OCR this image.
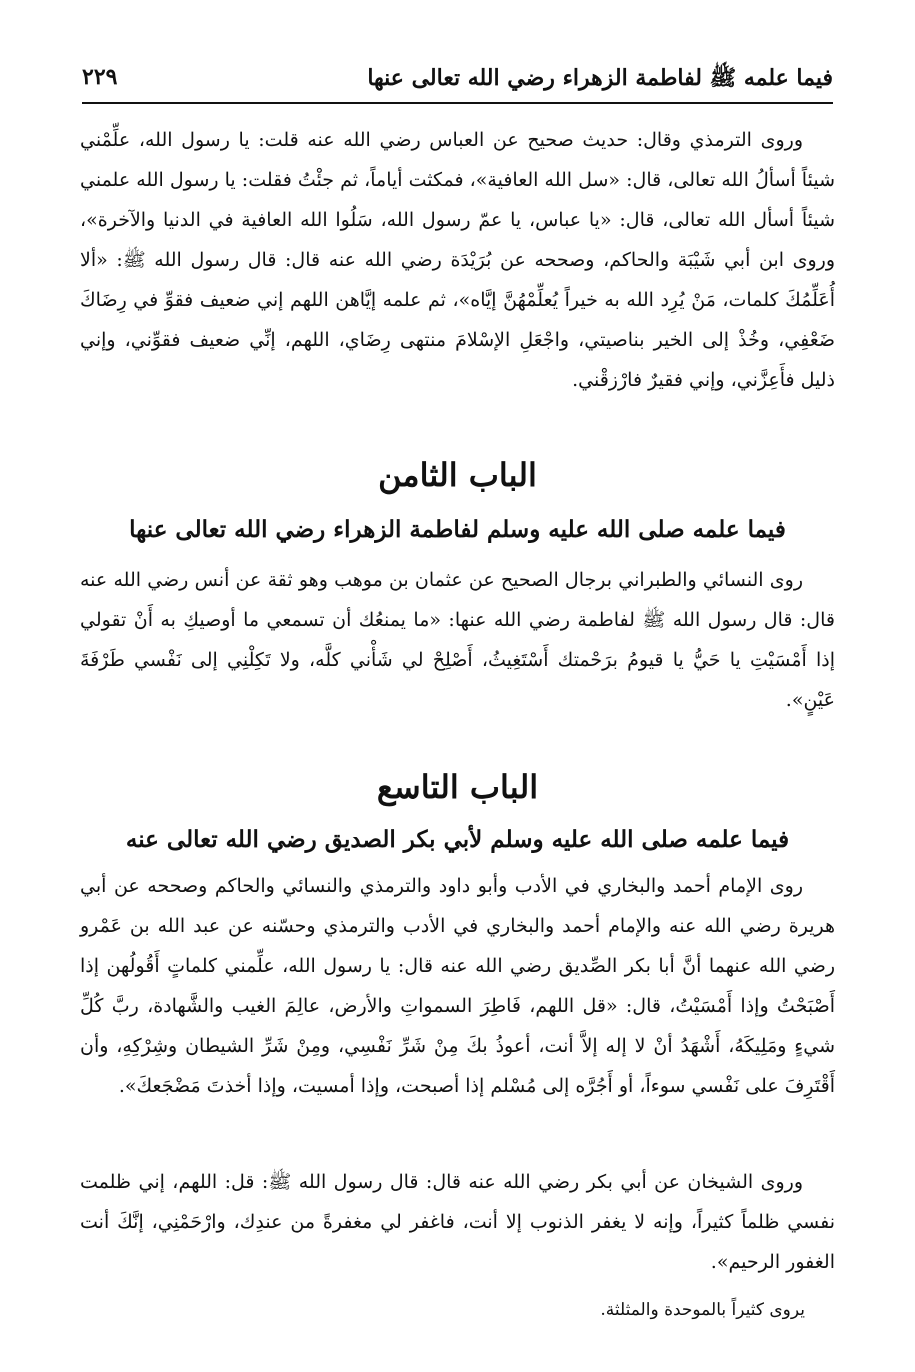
فيما علمه ﷺ لفاطمة الزهراء رضي الله تعالى عنها
٢٢٩

وروى الترمذي وقال: حديث صحيح عن العباس رضي الله عنه قلت: يا رسول الله، علِّمْني شيئاً أسألُ الله تعالى، قال: «سل الله العافية»، فمكثت أياماً، ثم جئْتُ فقلت: يا رسول الله علمني شيئاً أسأل الله تعالى، قال: «يا عباس، يا عمّ رسول الله، سَلُوا الله العافية في الدنيا والآخرة»، وروى ابن أبي شَيْبَة والحاكم، وصححه عن بُرَيْدَة رضي الله عنه قال: قال رسول الله ﷺ: «ألا أُعَلِّمُكَ كلمات، مَنْ يُرِد الله به خيراً يُعلِّمْهُنَّ إيَّاه»، ثم علمه إيَّاهن اللهم إني ضعيف فقوِّ في رِضَاكَ ضَعْفِي، وخُذْ إلى الخير بناصيتي، واجْعَلِ الإسْلامَ منتهى رِضَاي، اللهم، إنِّي ضعيف فقوِّني، وإني ذليل فأَعِزَّني، وإني فقيرٌ فارْزقْني.

الباب الثامن
فيما علمه صلى الله عليه وسلم لفاطمة الزهراء رضي الله تعالى عنها

روى النسائي والطبراني برجال الصحيح عن عثمان بن موهب وهو ثقة عن أنس رضي الله عنه قال: قال رسول الله ﷺ لفاطمة رضي الله عنها: «ما يمنعُك أن تسمعي ما أوصيكِ به أَنْ تقولي إذا أَمْسَيْتِ يا حَيُّ يا قيومُ برَحْمتك أَسْتَغِيثُ، أَصْلِحْ لي شَأْني كلَّه، ولا تَكِلْنِي إلى نَفْسي طَرْفَةَ عَيْنٍ».

الباب التاسع
فيما علمه صلى الله عليه وسلم لأبي بكر الصديق رضي الله تعالى عنه

روى الإمام أحمد والبخاري في الأدب وأبو داود والترمذي والنسائي والحاكم وصححه عن أبي هريرة رضي الله عنه والإمام أحمد والبخاري في الأدب والترمذي وحسّنه عن عبد الله بن عَمْرو رضي الله عنهما أنَّ أبا بكر الصِّديق رضي الله عنه قال: يا رسول الله، علِّمني كلماتٍ أَقُولُهن إذا أَصْبَحْتُ وإذا أَمْسَيْتُ، قال: «قل اللهم، فَاطِرَ السمواتِ والأرض، عالِمَ الغيب والشَّهادة، ربَّ كُلِّ شيءٍ ومَلِيكَهُ، أَشْهَدُ أنْ لا إله إلاَّ أنت، أعوذُ بكَ مِنْ شَرِّ نَفْسِي، ومِنْ شَرِّ الشيطان وشِرْكِهِ، وأن أَقْتَرِفَ على نَفْسي سوءاً، أو أَجُرَّه إلى مُسْلم إذا أصبحت، وإذا أمسيت، وإذا أخذتَ مَضْجَعكَ».

وروى الشيخان عن أبي بكر رضي الله عنه قال: قال رسول الله ﷺ: قل: اللهم، إني ظلمت نفسي ظلماً كثيراً، وإنه لا يغفر الذنوب إلا أنت، فاغفر لي مغفرةً من عندِك، وارْحَمْنِي، إنَّكَ أنت الغفور الرحيم».

يروى كثيراً بالموحدة والمثلثة.
